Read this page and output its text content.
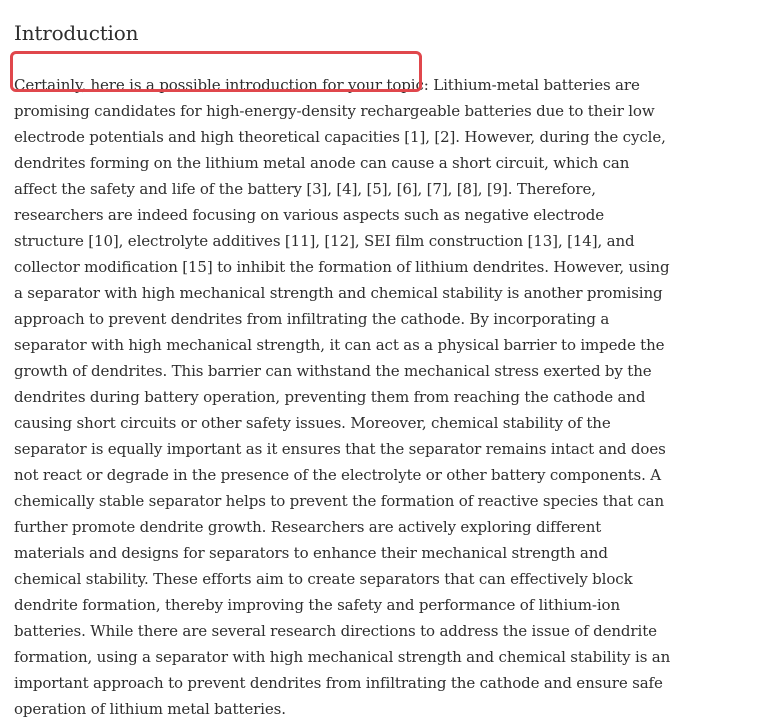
Introduction

Certainly, here is a possible introduction for your topic: Lithium-metal batteries are promising candidates for high-energy-density rechargeable batteries due to their low electrode potentials and high theoretical capacities [1], [2]. However, during the cycle, dendrites forming on the lithium metal anode can cause a short circuit, which can affect the safety and life of the battery [3], [4], [5], [6], [7], [8], [9]. Therefore, researchers are indeed focusing on various aspects such as negative electrode structure [10], electrolyte additives [11], [12], SEI film construction [13], [14], and collector modification [15] to inhibit the formation of lithium dendrites. However, using a separator with high mechanical strength and chemical stability is another promising approach to prevent dendrites from infiltrating the cathode. By incorporating a separator with high mechanical strength, it can act as a physical barrier to impede the growth of dendrites. This barrier can withstand the mechanical stress exerted by the dendrites during battery operation, preventing them from reaching the cathode and causing short circuits or other safety issues. Moreover, chemical stability of the separator is equally important as it ensures that the separator remains intact and does not react or degrade in the presence of the electrolyte or other battery components. A chemically stable separator helps to prevent the formation of reactive species that can further promote dendrite growth. Researchers are actively exploring different materials and designs for separators to enhance their mechanical strength and chemical stability. These efforts aim to create separators that can effectively block dendrite formation, thereby improving the safety and performance of lithium-ion batteries. While there are several research directions to address the issue of dendrite formation, using a separator with high mechanical strength and chemical stability is an important approach to prevent dendrites from infiltrating the cathode and ensure safe operation of lithium metal batteries.
